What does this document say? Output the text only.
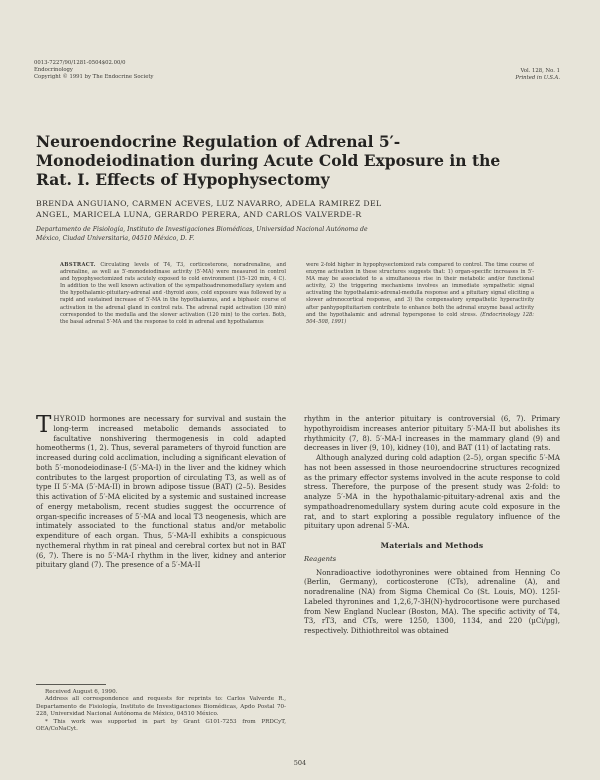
0013-7227/90/1281-0504$02.00/0
Endocrinology
Copyright © 1991 by The Endocrine Society
Vol. 128, No. 1
Printed in U.S.A.
Neuroendocrine Regulation of Adrenal 5′-
Monodeiodination during Acute Cold Exposure in the
Rat. I. Effects of Hypophysectomy
BRENDA ANGUIANO, CARMEN ACEVES, LUZ NAVARRO, ADELA RAMIREZ DEL
ANGEL, MARICELA LUNA, GERARDO PERERA, AND CARLOS VALVERDE-R
Departamento de Fisiología, Instituto de Investigaciones Biomédicas, Universidad Nacional Autónoma de
México, Ciudad Universitaria, 04510 México, D. F.
ABSTRACT. Circulating levels of T4, T3, corticosterone, noradrenaline, and adrenaline, as well as 5′-monodeiodinase activity (5′-MA) were measured in control and hypophysectomized rats acutely exposed to cold environment (15–120 min, 4 C). In addition to the well known activation of the sympathoadrenomedullary system and the hypothalamic-pituitary-adrenal and -thyroid axes, cold exposure was followed by a rapid and sustained increase of 5′-MA in the hypothalamus, and a biphasic course of activation in the adrenal gland in control rats. The adrenal rapid activation (30 min) corresponded to the medulla and the slower activation (120 min) to the cortex. Both, the basal adrenal 5′-MA and the response to cold in adrenal and hypothalamus
were 2-fold higher in hypophysectomized rats compared to control. The time course of enzyme activation in these structures suggests that: 1) organ-specific increases in 5′-MA may be associated to a simultaneous rise in their metabolic and/or functional activity, 2) the triggering mechanisms involves an immediate sympathetic signal activating the hypothalamic-adrenal-medulla response and a pituitary signal eliciting a slower adrenocortical response, and 3) the compensatory sympathetic hyperactivity after panhypopituitarism contribute to enhance both the adrenal enzyme basal activity and the hypothalamic and adrenal hypersponse to cold stress. (Endocrinology 128: 504–508, 1991)

THYROID hormones are necessary for survival and sustain the long-term increased metabolic demands associated to facultative nonshivering thermogenesis in cold adapted homeotherms (1, 2). Thus, several parameters of thyroid function are increased during cold acclimation, including a significant elevation of both 5′-monodeiodinase-I (5′-MA-I) in the liver and the kidney which contributes to the largest proportion of circulating T3, as well as of type II 5′-MA (5′-MA-II) in brown adipose tissue (BAT) (2–5). Besides this activation of 5′-MA elicited by a systemic and sustained increase of energy metabolism, recent studies suggest the occurrence of organ-specific increases of 5′-MA and local T3 neogenesis, which are intimately associated to the functional status and/or metabolic expenditure of each organ. Thus, 5′-MA-II exhibits a conspicuous nycthemeral rhythm in rat pineal and cerebral cortex but not in BAT (6, 7). There is no 5′-MA-I rhythm in the liver, kidney and anterior pituitary gland (7). The presence of a 5′-MA-II

rhythm in the anterior pituitary is controversial (6, 7). Primary hypothyroidism increases anterior pituitary 5′-MA-II but abolishes its rhythmicity (7, 8). 5′-MA-I increases in the mammary gland (9) and decreases in liver (9, 10), kidney (10), and BAT (11) of lactating rats.

Although analyzed during cold adaption (2–5), organ specific 5′-MA has not been assessed in those neuroendocrine structures recognized as the primary effector systems involved in the acute response to cold stress. Therefore, the purpose of the present study was 2-fold: to analyze 5′-MA in the hypothalamic-pituitary-adrenal axis and the sympathoadrenomedullary system during acute cold exposure in the rat, and to start exploring a possible regulatory influence of the pituitary upon adrenal 5′-MA.

Materials and Methods

Reagents

Nonradioactive iodothyronines were obtained from Henning Co (Berlin, Germany), corticosterone (CTs), adrenaline (A), and noradrenaline (NA) from Sigma Chemical Co (St. Louis, MO). 125I-Labeled thyronines and 1,2,6,7-3H(N)-hydrocortisone were purchased from New England Nuclear (Boston, MA). The specific activity of T4, T3, rT3, and CTs, were 1250, 1300, 1134, and 220 (µCi/µg), respectively. Dithiothreitol was obtained

Received August 6, 1990.

Address all correspondence and requests for reprints to: Carlos Valverde R., Departamento de Fisiología, Instituto de Investigaciones Biomédicas, Apdo Postal 70-228, Universidad Nacional Autónoma de México, 04510 México.

* This work was supported in part by Grant G101-7253 from PRDCyT, OEA/CoNaCyt.

504
